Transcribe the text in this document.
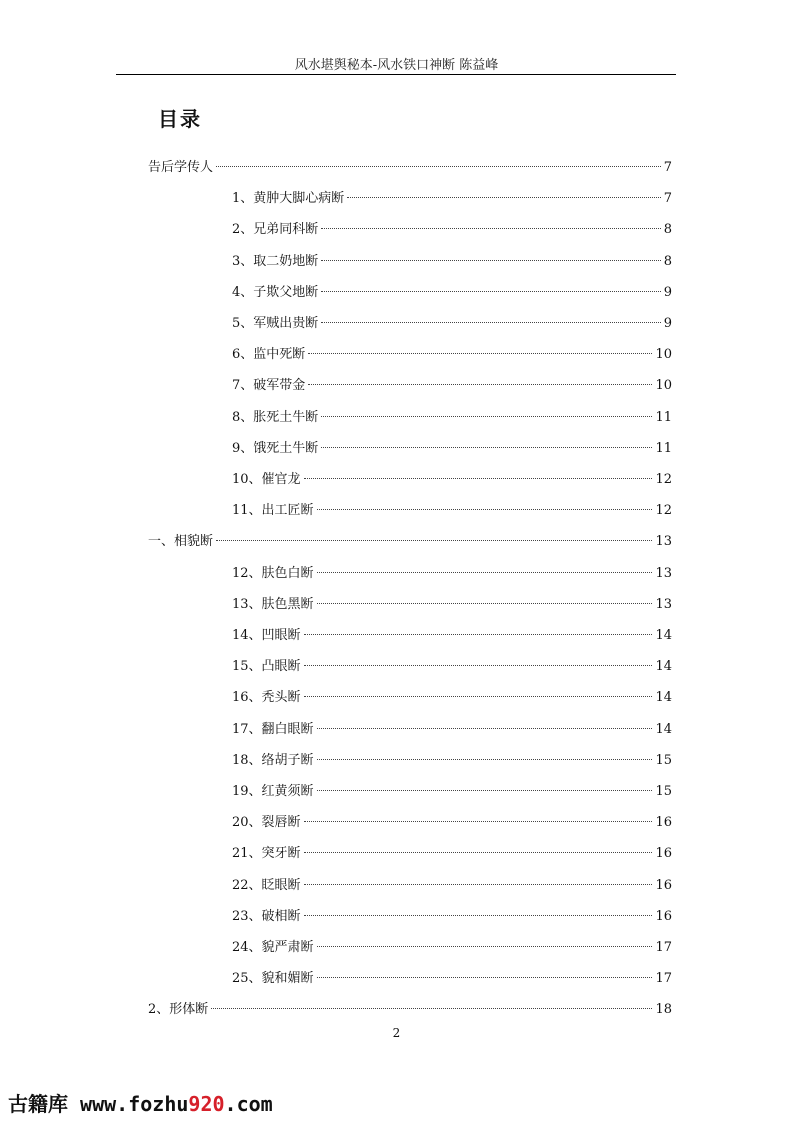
风水堪舆秘本-风水铁口神断 陈益峰
目录
告后学传人	7
1、黄肿大脚心病断	7
2、兄弟同科断	8
3、取二奶地断	8
4、子欺父地断	9
5、军贼出贵断	9
6、监中死断	10
7、破军带金	10
8、胀死土牛断	11
9、饿死土牛断	11
10、催官龙	12
11、出工匠断	12
一、相貌断	13
12、肤色白断	13
13、肤色黑断	13
14、凹眼断	14
15、凸眼断	14
16、秃头断	14
17、翻白眼断	14
18、络胡子断	15
19、红黄须断	15
20、裂唇断	16
21、突牙断	16
22、眨眼断	16
23、破相断	16
24、貌严肃断	17
25、貌和媚断	17
2、形体断	18
2
古籍库 www.fozhu920.com
